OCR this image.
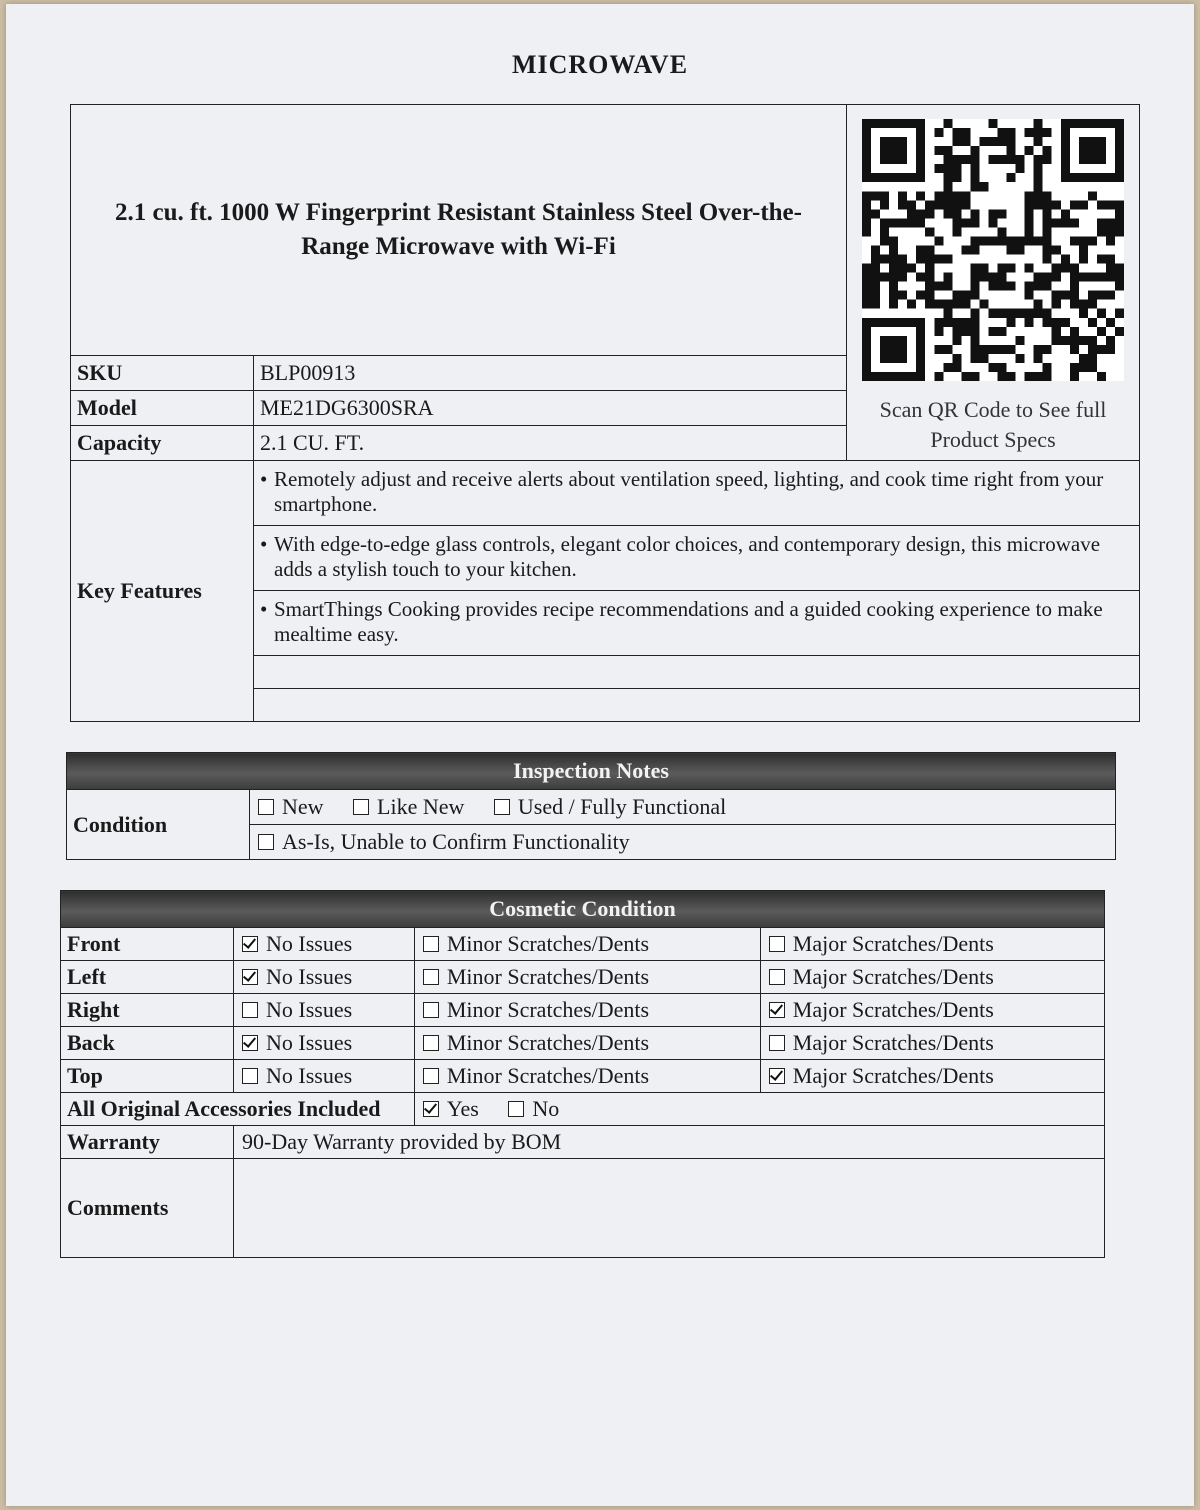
MICROWAVE
2.1 cu. ft. 1000 W Fingerprint Resistant Stainless Steel Over-the-Range Microwave with Wi-Fi		Scan QR Code to See full Product Specs

SKU	BLP00913	
Model	ME21DG6300SRA	
Capacity	2.1 CU. FT.	
Key Features	• Remotely adjust and receive alerts about ventilation speed, lighting, and cook time right from your smartphone.	
	• With edge-to-edge glass controls, elegant color choices, and contemporary design, this microwave adds a stylish touch to your kitchen.	
	• SmartThings Cooking provides recipe recommendations and a guided cooking experience to make mealtime easy.	

Inspection Notes
Condition	New Like New Used / Fully Functional
As-Is, Unable to Confirm Functionality
Cosmetic Condition			
Front	No Issues	Minor Scratches/Dents	Major Scratches/Dents
Left	No Issues	Minor Scratches/Dents	Major Scratches/Dents
Right	No Issues	Minor Scratches/Dents	Major Scratches/Dents
Back	No Issues	Minor Scratches/Dents	Major Scratches/Dents
Top	No Issues	Minor Scratches/Dents	Major Scratches/Dents
All Original Accessories Included		Yes No	
Warranty	90-Day Warranty provided by BOM		
Comments			
